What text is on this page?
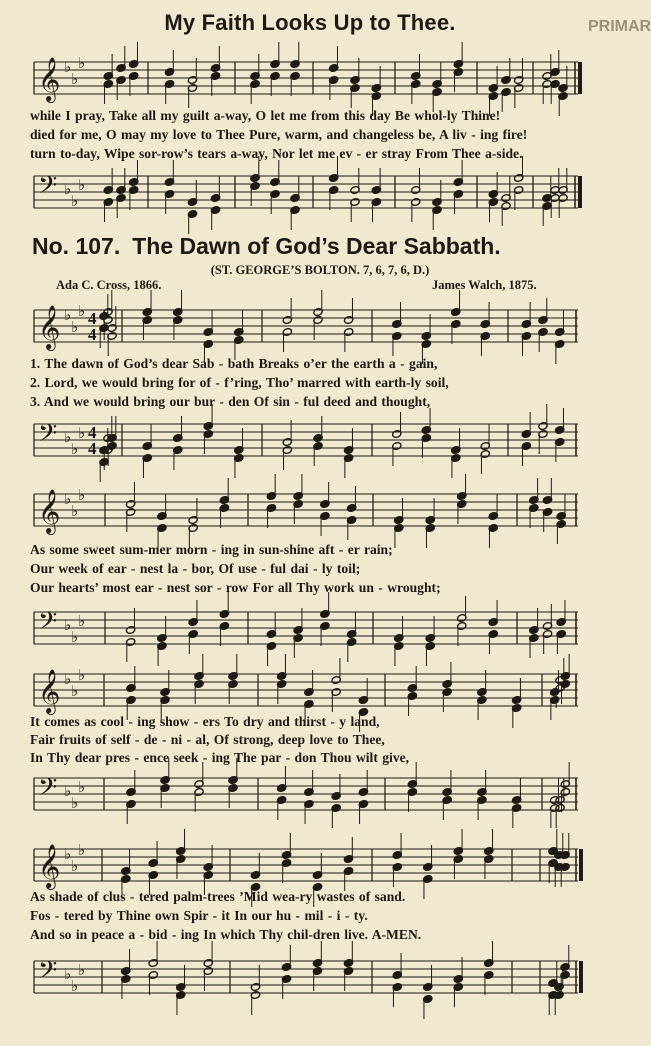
My Faith Looks Up to Thee.	PRIMAR
No. 107. The Dawn of God’s Dear Sabbath.
(ST. GEORGE’S BOLTON. 7, 6, 7, 6, D.)
Ada C. Cross, 1866.	James Walch, 1875.
𝄞 ♭
♭
♭
while I pray, Take all my guilt a-way, O let me from this day Be whol-ly Thine!
died for me, O may my love to Thee Pure, warm, and changeless be, A liv - ing fire!
turn to-day, Wipe sor-row’s tears a-way, Nor let me ev - er stray From Thee a-side.
𝄢 ♭
♭
♭
𝄞 ♭
♭
♭ 4
4
1. The dawn of God’s dear Sab - bath Breaks o’er the earth a - gain,
2. Lord, we would bring for of - f’ring, Tho’ marred with earth-ly soil,
3. And we would bring our bur - den Of sin - ful deed and thought,
𝄢 ♭
♭
♭ 4
4
𝄞 ♭
♭
♭
As some sweet sum-mer morn - ing in sun-shine aft - er rain;
Our week of ear - nest la - bor, Of use - ful dai - ly toil;
Our hearts’ most ear - nest sor - row For all Thy work un - wrought;
𝄢 ♭
♭
♭
𝄞 ♭
♭
♭
It comes as cool - ing show - ers To dry and thirst - y land,
Fair fruits of self - de - ni - al, Of strong, deep love to Thee,
In Thy dear pres - ence seek - ing The par - don Thou wilt give,
𝄢 ♭
♭
♭
𝄞 ♭
♭
♭
As shade of clus - tered palm-trees ’Mid wea-ry wastes of sand.
Fos - tered by Thine own Spir - it In our hu - mil - i - ty.
And so in peace a - bid - ing In which Thy chil-dren live. A-MEN.
𝄢 ♭
♭
♭
